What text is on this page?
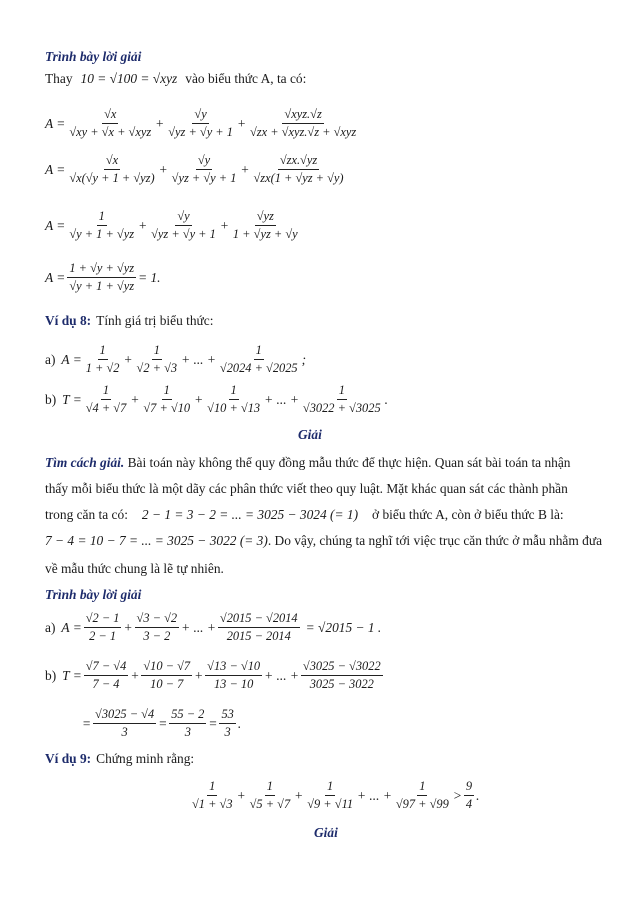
Trình bày lời giải
Thay 10 = √100 = √xyz vào biểu thức A, ta có:
$A = \frac{√x}{\text{√xy + √x + √xyz}} + \frac{√y}{√yz + √y + 1} + \frac{\text{√xyz.√z}}{\text{√zx + √xyz.√z + √xyz}}$
$A = \frac{√x}{√x(√y + 1 + √yz)} + \frac{√y}{√yz + √y + 1} + \frac{√zx.√yz}{√zx(1 + √yz + √y)}$
$A = \frac{1}{√y + 1 + √yz} + \frac{√y}{√yz + √y + 1} + \frac{√yz}{1 + √yz + √y}$
$A = \frac{1 + √y + √yz}{√y + 1 + √yz} = 1$.
Ví dụ 8: Tính giá trị biểu thức:
a) $A = \frac{1}{1 + √2} + \frac{1}{√2 + √3}$ + ... + $\frac{1}{√2024 + √2025}$ ;
b) $T = \frac{1}{√4 + √7} + \frac{1}{√7 + √10} + \frac{1}{√10 + √13}$ + ... + $\frac{1}{√3022 + √3025}$ .
Giải
Tìm cách giải. Bài toán này không thể quy đồng mẫu thức để thực hiện. Quan sát bài toán ta nhận
thấy mỗi biểu thức là một dãy các phân thức viết theo quy luật. Mặt khác quan sát các thành phần
trong căn ta có: 2 − 1 = 3 − 2 = ... = 3025 − 3024 (= 1) ở biểu thức A, còn ở biểu thức B là:
7 − 4 = 10 − 7 = ... = 3025 − 3022 (= 3) . Do vậy, chúng ta nghĩ tới việc trục căn thức ở mẫu nhằm đưa
về mẫu thức chung là lẽ tự nhiên.
Trình bày lời giải
a) $A = \frac{√2 - 1}{2 - 1} + \frac{√3 - √2}{3 - 2}$ + ... + $\frac{√2015 - √2014}{2015 - 2014} = √2015 - 1$ .
b) $T = \frac{√7 - √4}{7 - 4} + \frac{√10 - √7}{10 - 7} + \frac{√13 - √10}{13 - 10}$ + ... + $\frac{√3025 - √3022}{3025 - 3022}$
= $\frac{√3025 - √4}{3} = \frac{55 - 2}{3} = \frac{53}{3}$ .
Ví dụ 9: Chứng minh rằng:
$\frac{1}{√1 + √3} + \frac{1}{√5 + √7} + \frac{1}{√9 + √11}$ + ... + $\frac{1}{√97 + √99} > \frac{9}{4}$ .
Giải
